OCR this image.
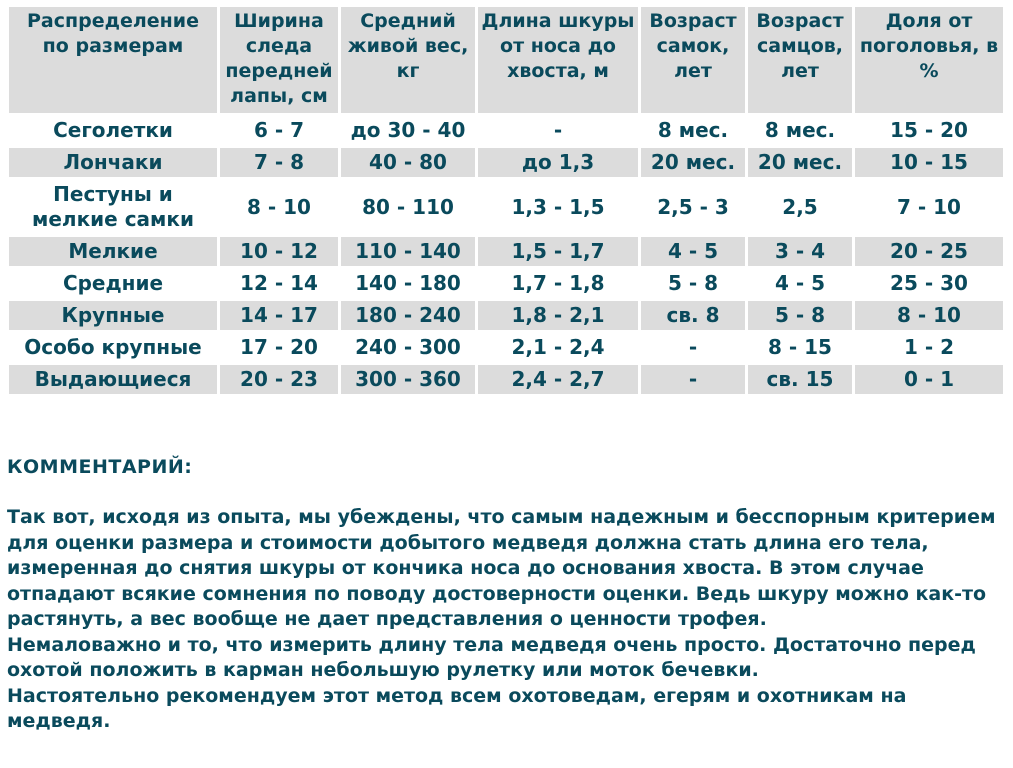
Распределение по размерам	Ширина следа передней лапы, см	Средний живой вес, кг	Длина шкуры от носа до хвоста, м	Возраст самок, лет	Возраст самцов, лет	Доля от поголовья, в %
Сеголетки	6 - 7	до 30 - 40	-	8 мес.	8 мес.	15 - 20
Лончаки	7 - 8	40 - 80	до 1,3	20 мес.	20 мес.	10 - 15
Пестуны и мелкие самки	8 - 10	80 - 110	1,3 - 1,5	2,5 - 3	2,5	7 - 10
Мелкие	10 - 12	110 - 140	1,5 - 1,7	4 - 5	3 - 4	20 - 25
Средние	12 - 14	140 - 180	1,7 - 1,8	5 - 8	4 - 5	25 - 30
Крупные	14 - 17	180 - 240	1,8 - 2,1	св. 8	5 - 8	8 - 10
Особо крупные	17 - 20	240 - 300	2,1 - 2,4	-	8 - 15	1 - 2
Выдающиеся	20 - 23	300 - 360	2,4 - 2,7	-	св. 15	0 - 1
КОММЕНТАРИЙ:

Так вот, исходя из опыта, мы убеждены, что самым надежным и бесспорным критерием для оценки размера и стоимости добытого медведя должна стать длина его тела, измеренная до снятия шкуры от кончика носа до основания хвоста. В этом случае отпадают всякие сомнения по поводу достоверности оценки. Ведь шкуру можно как-то растянуть, а вес вообще не дает представления о ценности трофея.

Немаловажно и то, что измерить длину тела медведя очень просто. Достаточно перед охотой положить в карман небольшую рулетку или моток бечевки.

Настоятельно рекомендуем этот метод всем охотоведам, егерям и охотникам на медведя.
